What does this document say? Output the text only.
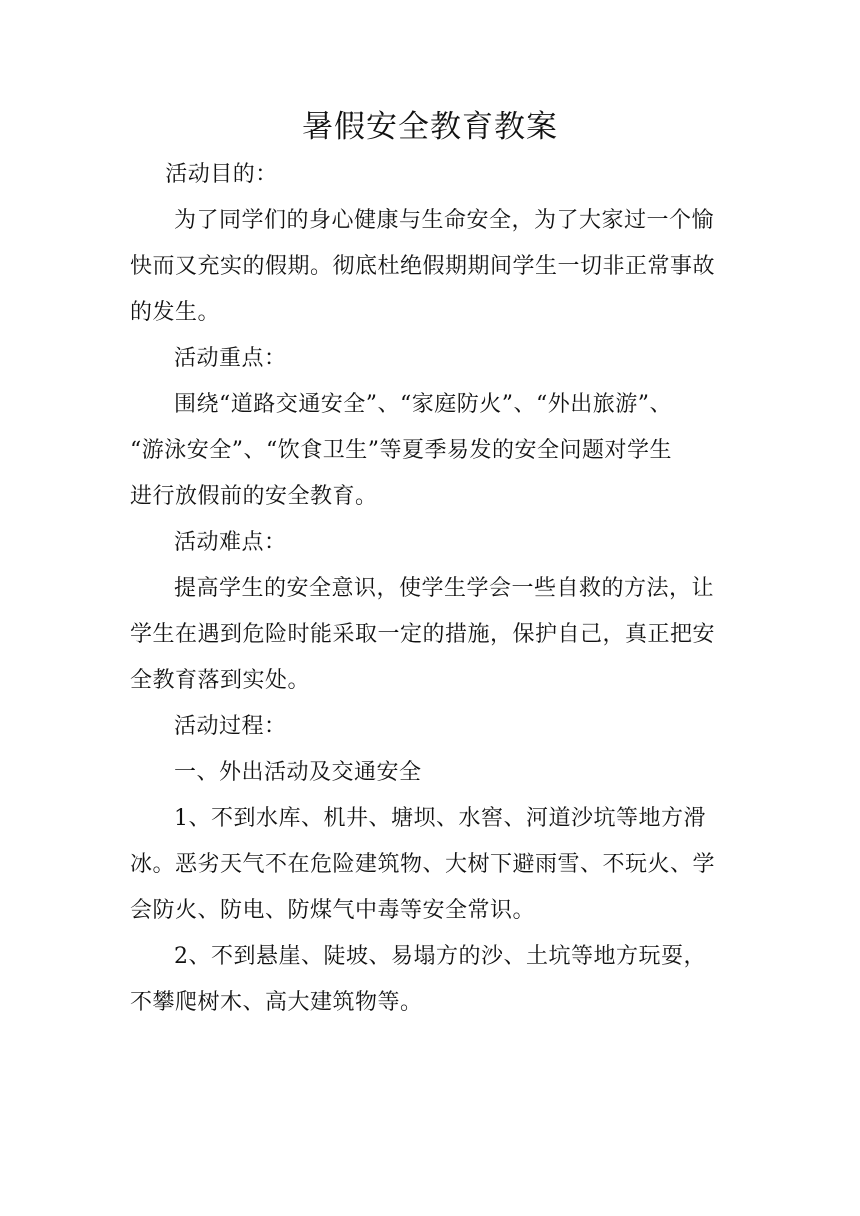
暑假安全教育教案

活动目的：

为了同学们的身心健康与生命安全，为了大家过一个愉
快而又充实的假期。彻底杜绝假期期间学生一切非正常事故
的发生。

活动重点：

围绕“道路交通安全”、“家庭防火”、“外出旅游”、
“游泳安全”、“饮食卫生”等夏季易发的安全问题对学生
进行放假前的安全教育。

活动难点：

提高学生的安全意识，使学生学会一些自救的方法，让
学生在遇到危险时能采取一定的措施，保护自己，真正把安
全教育落到实处。

活动过程：

一、外出活动及交通安全

1、不到水库、机井、塘坝、水窖、河道沙坑等地方滑
冰。恶劣天气不在危险建筑物、大树下避雨雪、不玩火、学
会防火、防电、防煤气中毒等安全常识。

2、不到悬崖、陡坡、易塌方的沙、土坑等地方玩耍，
不攀爬树木、高大建筑物等。
